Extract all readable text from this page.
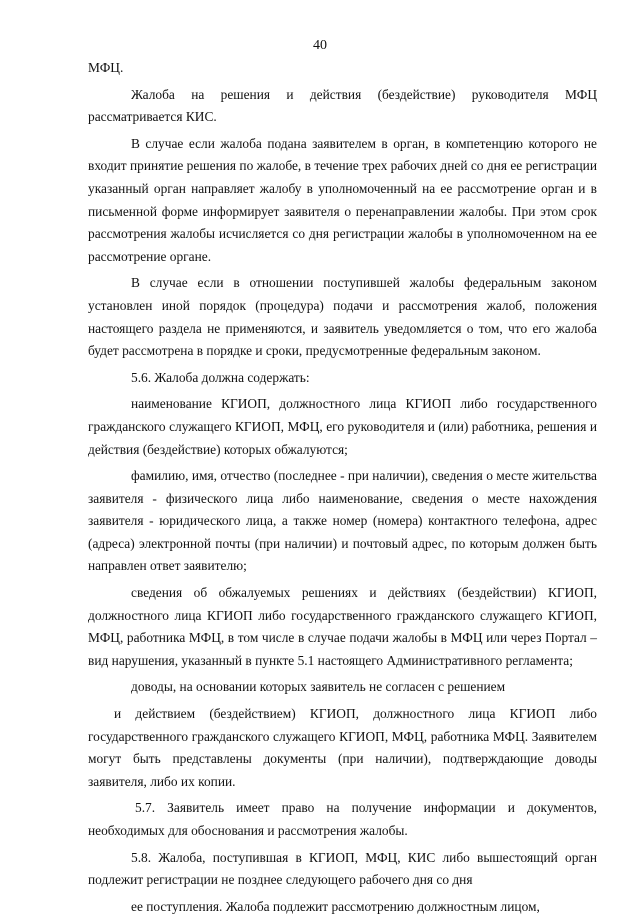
40

МФЦ.

Жалоба на решения и действия (бездействие) руководителя МФЦ рассматривается КИС.

В случае если жалоба подана заявителем в орган, в компетенцию которого не входит принятие решения по жалобе, в течение трех рабочих дней со дня ее регистрации указанный орган направляет жалобу в уполномоченный на ее рассмотрение орган и в письменной форме информирует заявителя о перенаправлении жалобы. При этом срок рассмотрения жалобы исчисляется со дня регистрации жалобы в уполномоченном на ее рассмотрение органе.

В случае если в отношении поступившей жалобы федеральным законом установлен иной порядок (процедура) подачи и рассмотрения жалоб, положения настоящего раздела не применяются, и заявитель уведомляется о том, что его жалоба будет рассмотрена в порядке и сроки, предусмотренные федеральным законом.

5.6. Жалоба должна содержать:

наименование КГИОП, должностного лица КГИОП либо государственного гражданского служащего КГИОП, МФЦ, его руководителя и (или) работника, решения и действия (бездействие) которых обжалуются;

фамилию, имя, отчество (последнее - при наличии), сведения о месте жительства заявителя - физического лица либо наименование, сведения о месте нахождения заявителя - юридического лица, а также номер (номера) контактного телефона, адрес (адреса) электронной почты (при наличии) и почтовый адрес, по которым должен быть направлен ответ заявителю;

сведения об обжалуемых решениях и действиях (бездействии) КГИОП, должностного лица КГИОП либо государственного гражданского служащего КГИОП, МФЦ, работника МФЦ, в том числе в случае подачи жалобы в МФЦ или через Портал – вид нарушения, указанный в пункте 5.1 настоящего Административного регламента;

доводы, на основании которых заявитель не согласен с решением

и действием (бездействием) КГИОП, должностного лица КГИОП либо государственного гражданского служащего КГИОП, МФЦ, работника МФЦ. Заявителем могут быть представлены документы (при наличии), подтверждающие доводы заявителя, либо их копии.

5.7. Заявитель имеет право на получение информации и документов, необходимых для обоснования и рассмотрения жалобы.

5.8. Жалоба, поступившая в КГИОП, МФЦ, КИС либо вышестоящий орган подлежит регистрации не позднее следующего рабочего дня со дня

ее поступления. Жалоба подлежит рассмотрению должностным лицом,
